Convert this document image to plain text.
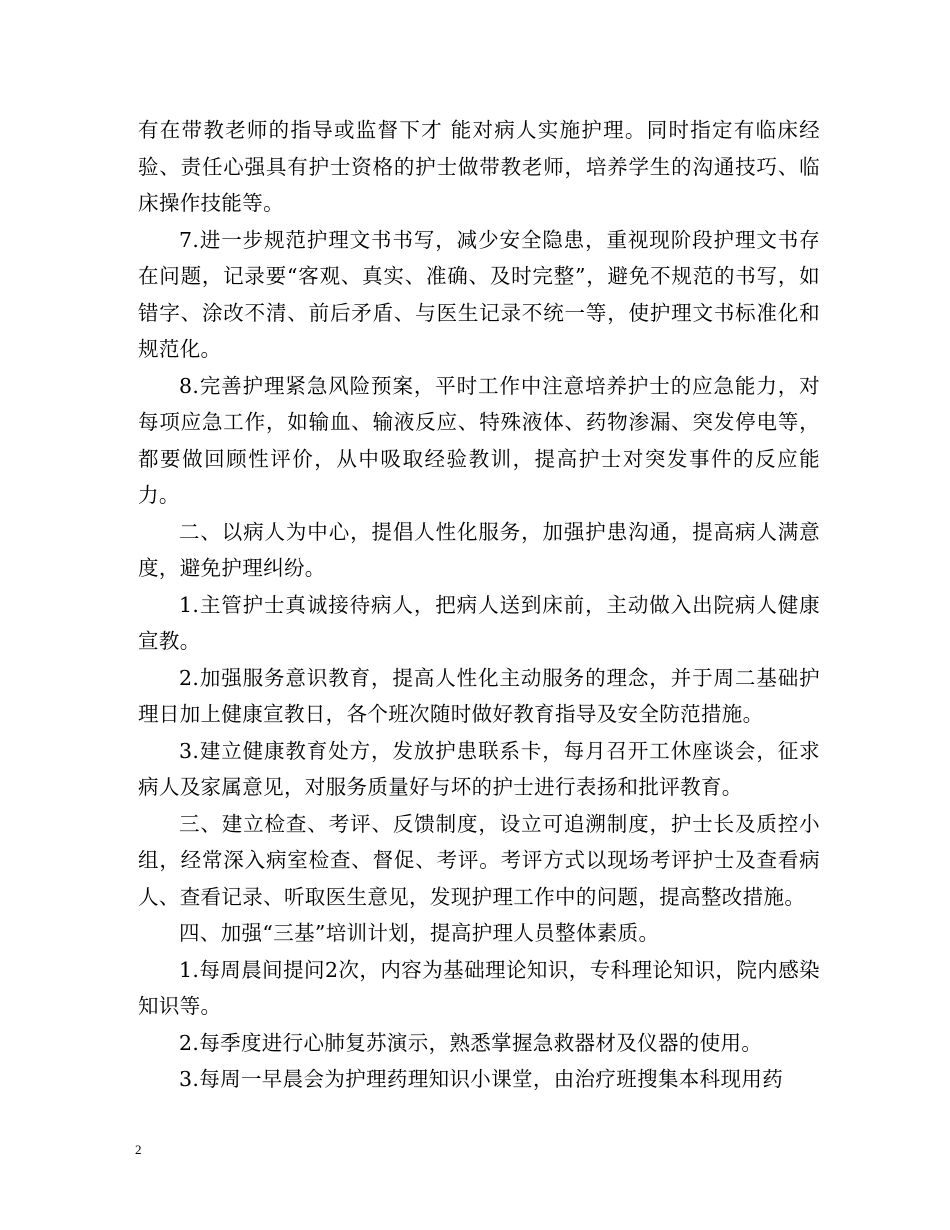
有在带教老师的指导或监督下才 能对病人实施护理。同时指定有临床经验、责任心强具有护士资格的护士做带教老师，培养学生的沟通技巧、临床操作技能等。

7.进一步规范护理文书书写，减少安全隐患，重视现阶段护理文书存在问题，记录要“客观、真实、准确、及时完整”，避免不规范的书写，如错字、涂改不清、前后矛盾、与医生记录不统一等，使护理文书标准化和规范化。

8.完善护理紧急风险预案，平时工作中注意培养护士的应急能力，对每项应急工作，如输血、输液反应、特殊液体、药物渗漏、突发停电等，都要做回顾性评价，从中吸取经验教训，提高护士对突发事件的反应能力。

二、以病人为中心，提倡人性化服务，加强护患沟通，提高病人满意度，避免护理纠纷。

1.主管护士真诚接待病人，把病人送到床前，主动做入出院病人健康宣教。

2.加强服务意识教育，提高人性化主动服务的理念，并于周二基础护理日加上健康宣教日，各个班次随时做好教育指导及安全防范措施。

3.建立健康教育处方，发放护患联系卡，每月召开工休座谈会，征求病人及家属意见，对服务质量好与坏的护士进行表扬和批评教育。

三、建立检查、考评、反馈制度，设立可追溯制度，护士长及质控小组，经常深入病室检查、督促、考评。考评方式以现场考评护士及查看病人、查看记录、听取医生意见，发现护理工作中的问题，提高整改措施。

四、加强“三基”培训计划，提高护理人员整体素质。

1.每周晨间提问2次，内容为基础理论知识，专科理论知识，院内感染知识等。

2.每季度进行心肺复苏演示，熟悉掌握急救器材及仪器的使用。

3.每周一早晨会为护理药理知识小课堂，由治疗班搜集本科现用药

2
